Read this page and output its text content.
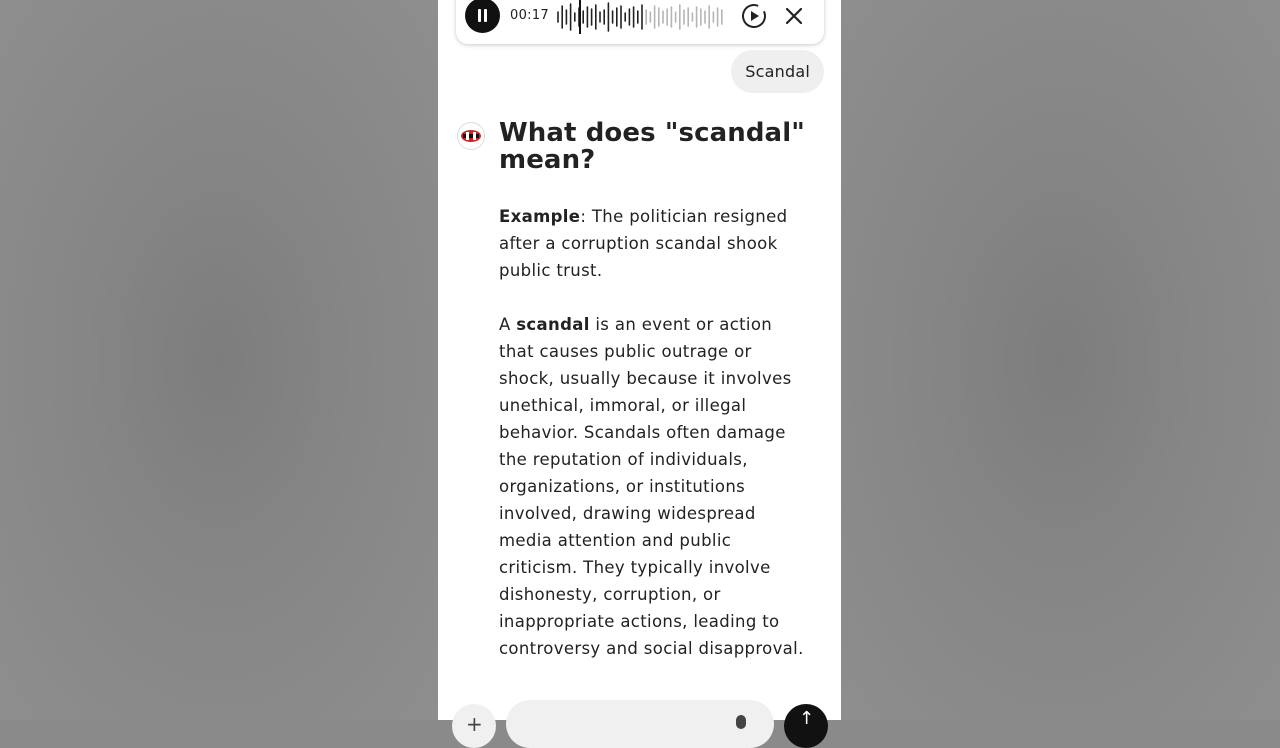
00:17
Scandal
What does "scandal" mean?

Example: The politician resigned after a corruption scandal shook public trust.

A scandal is an event or action that causes public outrage or shock, usually because it involves unethical, immoral, or illegal behavior. Scandals often damage the reputation of individuals, organizations, or institutions involved, drawing widespread media attention and public criticism. They typically involve dishonesty, corruption, or inappropriate actions, leading to controversy and social disapproval.

+	↑
